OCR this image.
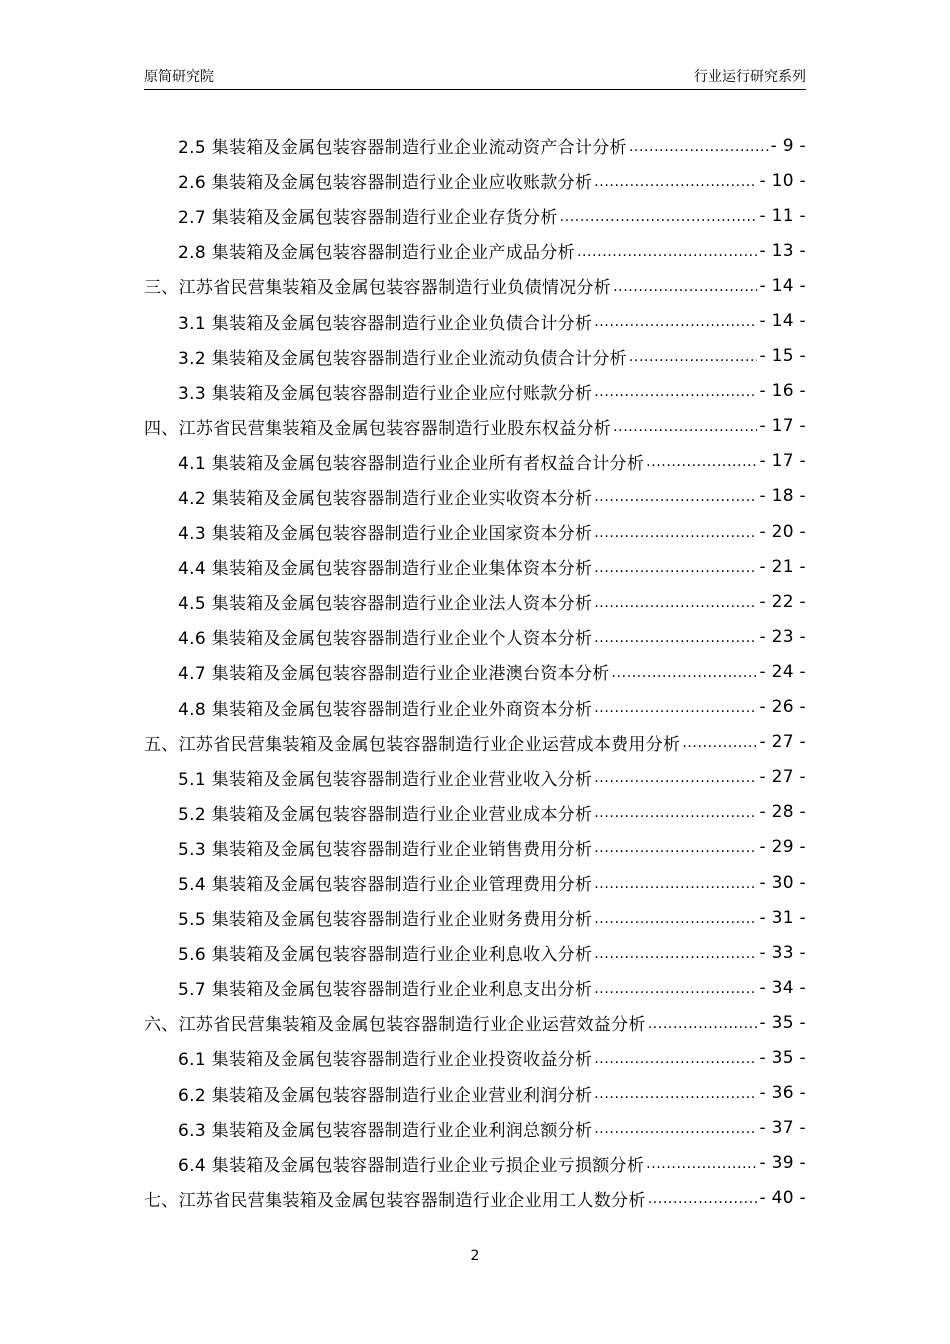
原简研究院	行业运行研究系列
2.5 集装箱及金属包装容器制造行业企业流动资产合计分析 .....	- 9 -
2.6 集装箱及金属包装容器制造行业企业应收账款分析 .....	- 10 -
2.7 集装箱及金属包装容器制造行业企业存货分析 .....	- 11 -
2.8 集装箱及金属包装容器制造行业企业产成品分析 .....	- 13 -
三、江苏省民营集装箱及金属包装容器制造行业负债情况分析 .....	- 14 -
3.1 集装箱及金属包装容器制造行业企业负债合计分析 .....	- 14 -
3.2 集装箱及金属包装容器制造行业企业流动负债合计分析 .....	- 15 -
3.3 集装箱及金属包装容器制造行业企业应付账款分析 .....	- 16 -
四、江苏省民营集装箱及金属包装容器制造行业股东权益分析 .....	- 17 -
4.1 集装箱及金属包装容器制造行业企业所有者权益合计分析 .....	- 17 -
4.2 集装箱及金属包装容器制造行业企业实收资本分析 .....	- 18 -
4.3 集装箱及金属包装容器制造行业企业国家资本分析 .....	- 20 -
4.4 集装箱及金属包装容器制造行业企业集体资本分析 .....	- 21 -
4.5 集装箱及金属包装容器制造行业企业法人资本分析 .....	- 22 -
4.6 集装箱及金属包装容器制造行业企业个人资本分析 .....	- 23 -
4.7 集装箱及金属包装容器制造行业企业港澳台资本分析 .....	- 24 -
4.8 集装箱及金属包装容器制造行业企业外商资本分析 .....	- 26 -
五、江苏省民营集装箱及金属包装容器制造行业企业运营成本费用分析 .....	- 27 -
5.1 集装箱及金属包装容器制造行业企业营业收入分析 .....	- 27 -
5.2 集装箱及金属包装容器制造行业企业营业成本分析 .....	- 28 -
5.3 集装箱及金属包装容器制造行业企业销售费用分析 .....	- 29 -
5.4 集装箱及金属包装容器制造行业企业管理费用分析 .....	- 30 -
5.5 集装箱及金属包装容器制造行业企业财务费用分析 .....	- 31 -
5.6 集装箱及金属包装容器制造行业企业利息收入分析 .....	- 33 -
5.7 集装箱及金属包装容器制造行业企业利息支出分析 .....	- 34 -
六、江苏省民营集装箱及金属包装容器制造行业企业运营效益分析 .....	- 35 -
6.1 集装箱及金属包装容器制造行业企业投资收益分析 .....	- 35 -
6.2 集装箱及金属包装容器制造行业企业营业利润分析 .....	- 36 -
6.3 集装箱及金属包装容器制造行业企业利润总额分析 .....	- 37 -
6.4 集装箱及金属包装容器制造行业企业亏损企业亏损额分析 .....	- 39 -
七、江苏省民营集装箱及金属包装容器制造行业企业用工人数分析 .....	- 40 -
2
